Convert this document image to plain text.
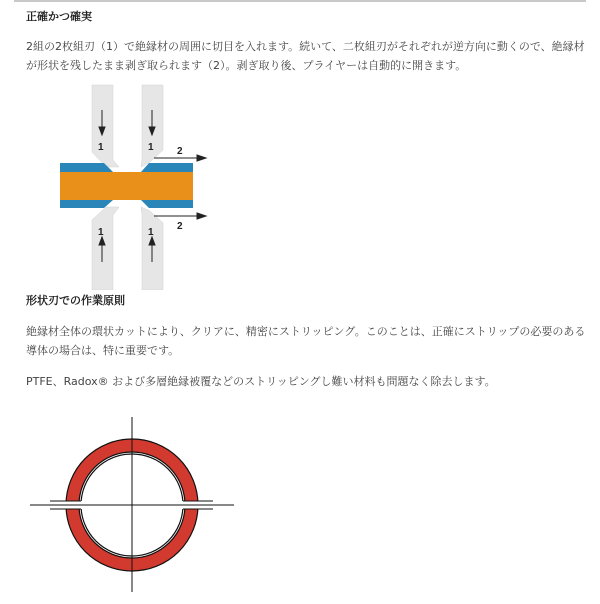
正確かつ確実
2組の2枚組刃（1）で絶縁材の周囲に切目を入れます。続いて、二枚組刃がそれぞれが逆方向に動くので、絶縁材が形状を残したまま剥ぎ取られます（2）。剥ぎ取り後、プライヤーは自動的に開きます。
1	1
1	1
2
2
形状刃での作業原則
絶縁材全体の環状カットにより、クリアに、精密にストリッピング。このことは、正確にストリップの必要のある導体の場合は、特に重要です。
PTFE、Radox® および多層絶縁被覆などのストリッピングし難い材料も問題なく除去します。
